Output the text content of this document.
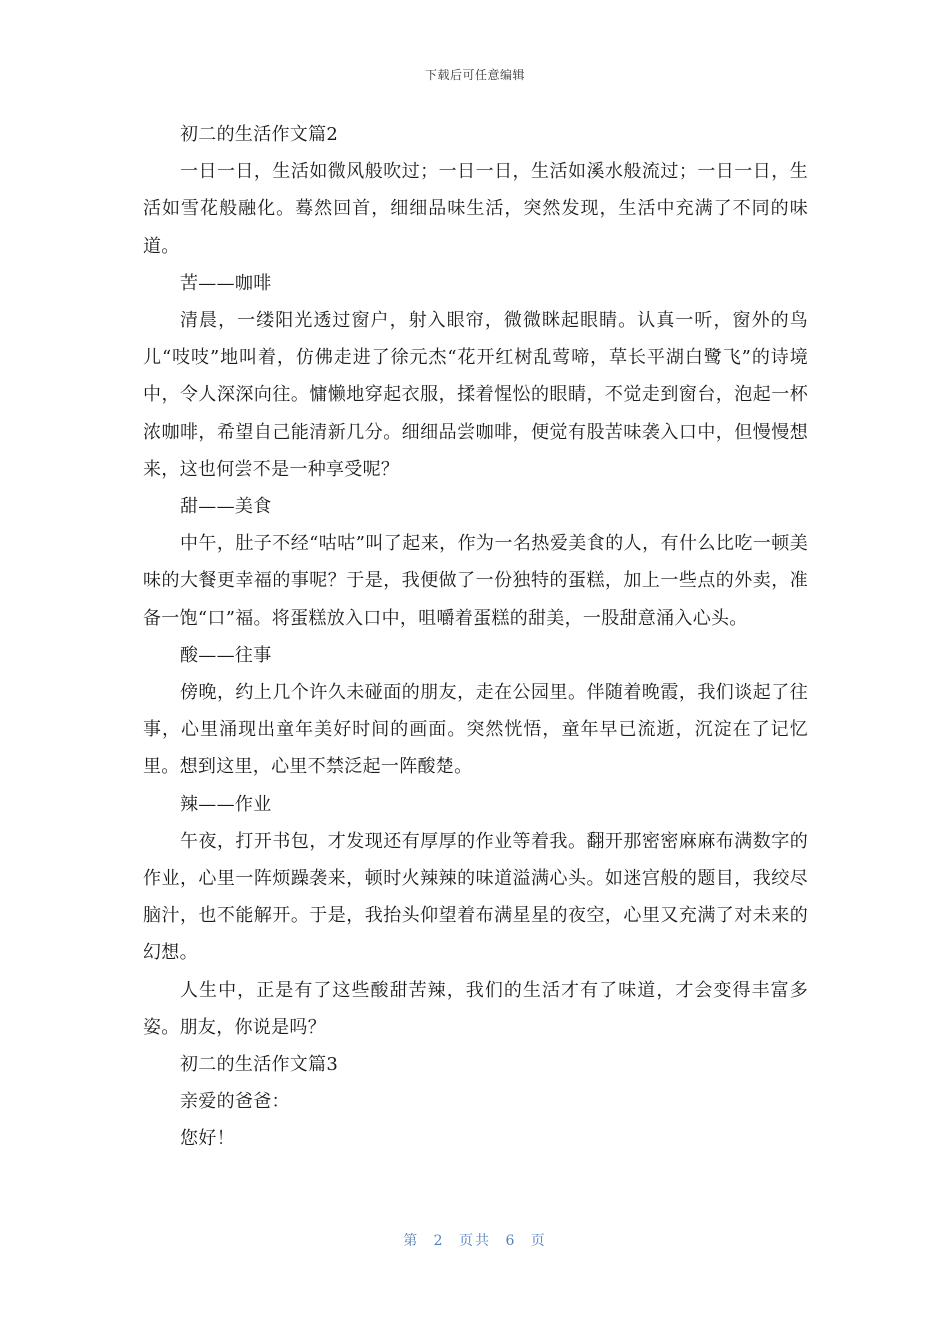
下载后可任意编辑

初二的生活作文篇2

一日一日，生活如微风般吹过；一日一日，生活如溪水般流过；一日一日，生活如雪花般融化。蓦然回首，细细品味生活，突然发现，生活中充满了不同的味道。

苦——咖啡

清晨，一缕阳光透过窗户，射入眼帘，微微眯起眼睛。认真一听，窗外的鸟儿“吱吱”地叫着，仿佛走进了徐元杰“花开红树乱莺啼，草长平湖白鹭飞”的诗境中，令人深深向往。慵懒地穿起衣服，揉着惺忪的眼睛，不觉走到窗台，泡起一杯浓咖啡，希望自己能清新几分。细细品尝咖啡，便觉有股苦味袭入口中，但慢慢想来，这也何尝不是一种享受呢？

甜——美食

中午，肚子不经“咕咕”叫了起来，作为一名热爱美食的人，有什么比吃一顿美味的大餐更幸福的事呢？于是，我便做了一份独特的蛋糕，加上一些点的外卖，准备一饱“口”福。将蛋糕放入口中，咀嚼着蛋糕的甜美，一股甜意涌入心头。

酸——往事

傍晚，约上几个许久未碰面的朋友，走在公园里。伴随着晚霞，我们谈起了往事，心里涌现出童年美好时间的画面。突然恍悟，童年早已流逝，沉淀在了记忆里。想到这里，心里不禁泛起一阵酸楚。

辣——作业

午夜，打开书包，才发现还有厚厚的作业等着我。翻开那密密麻麻布满数字的作业，心里一阵烦躁袭来，顿时火辣辣的味道溢满心头。如迷宫般的题目，我绞尽脑汁，也不能解开。于是，我抬头仰望着布满星星的夜空，心里又充满了对未来的幻想。

人生中，正是有了这些酸甜苦辣，我们的生活才有了味道，才会变得丰富多姿。朋友，你说是吗？

初二的生活作文篇3

亲爱的爸爸：

您好！

第 2 页共 6 页
